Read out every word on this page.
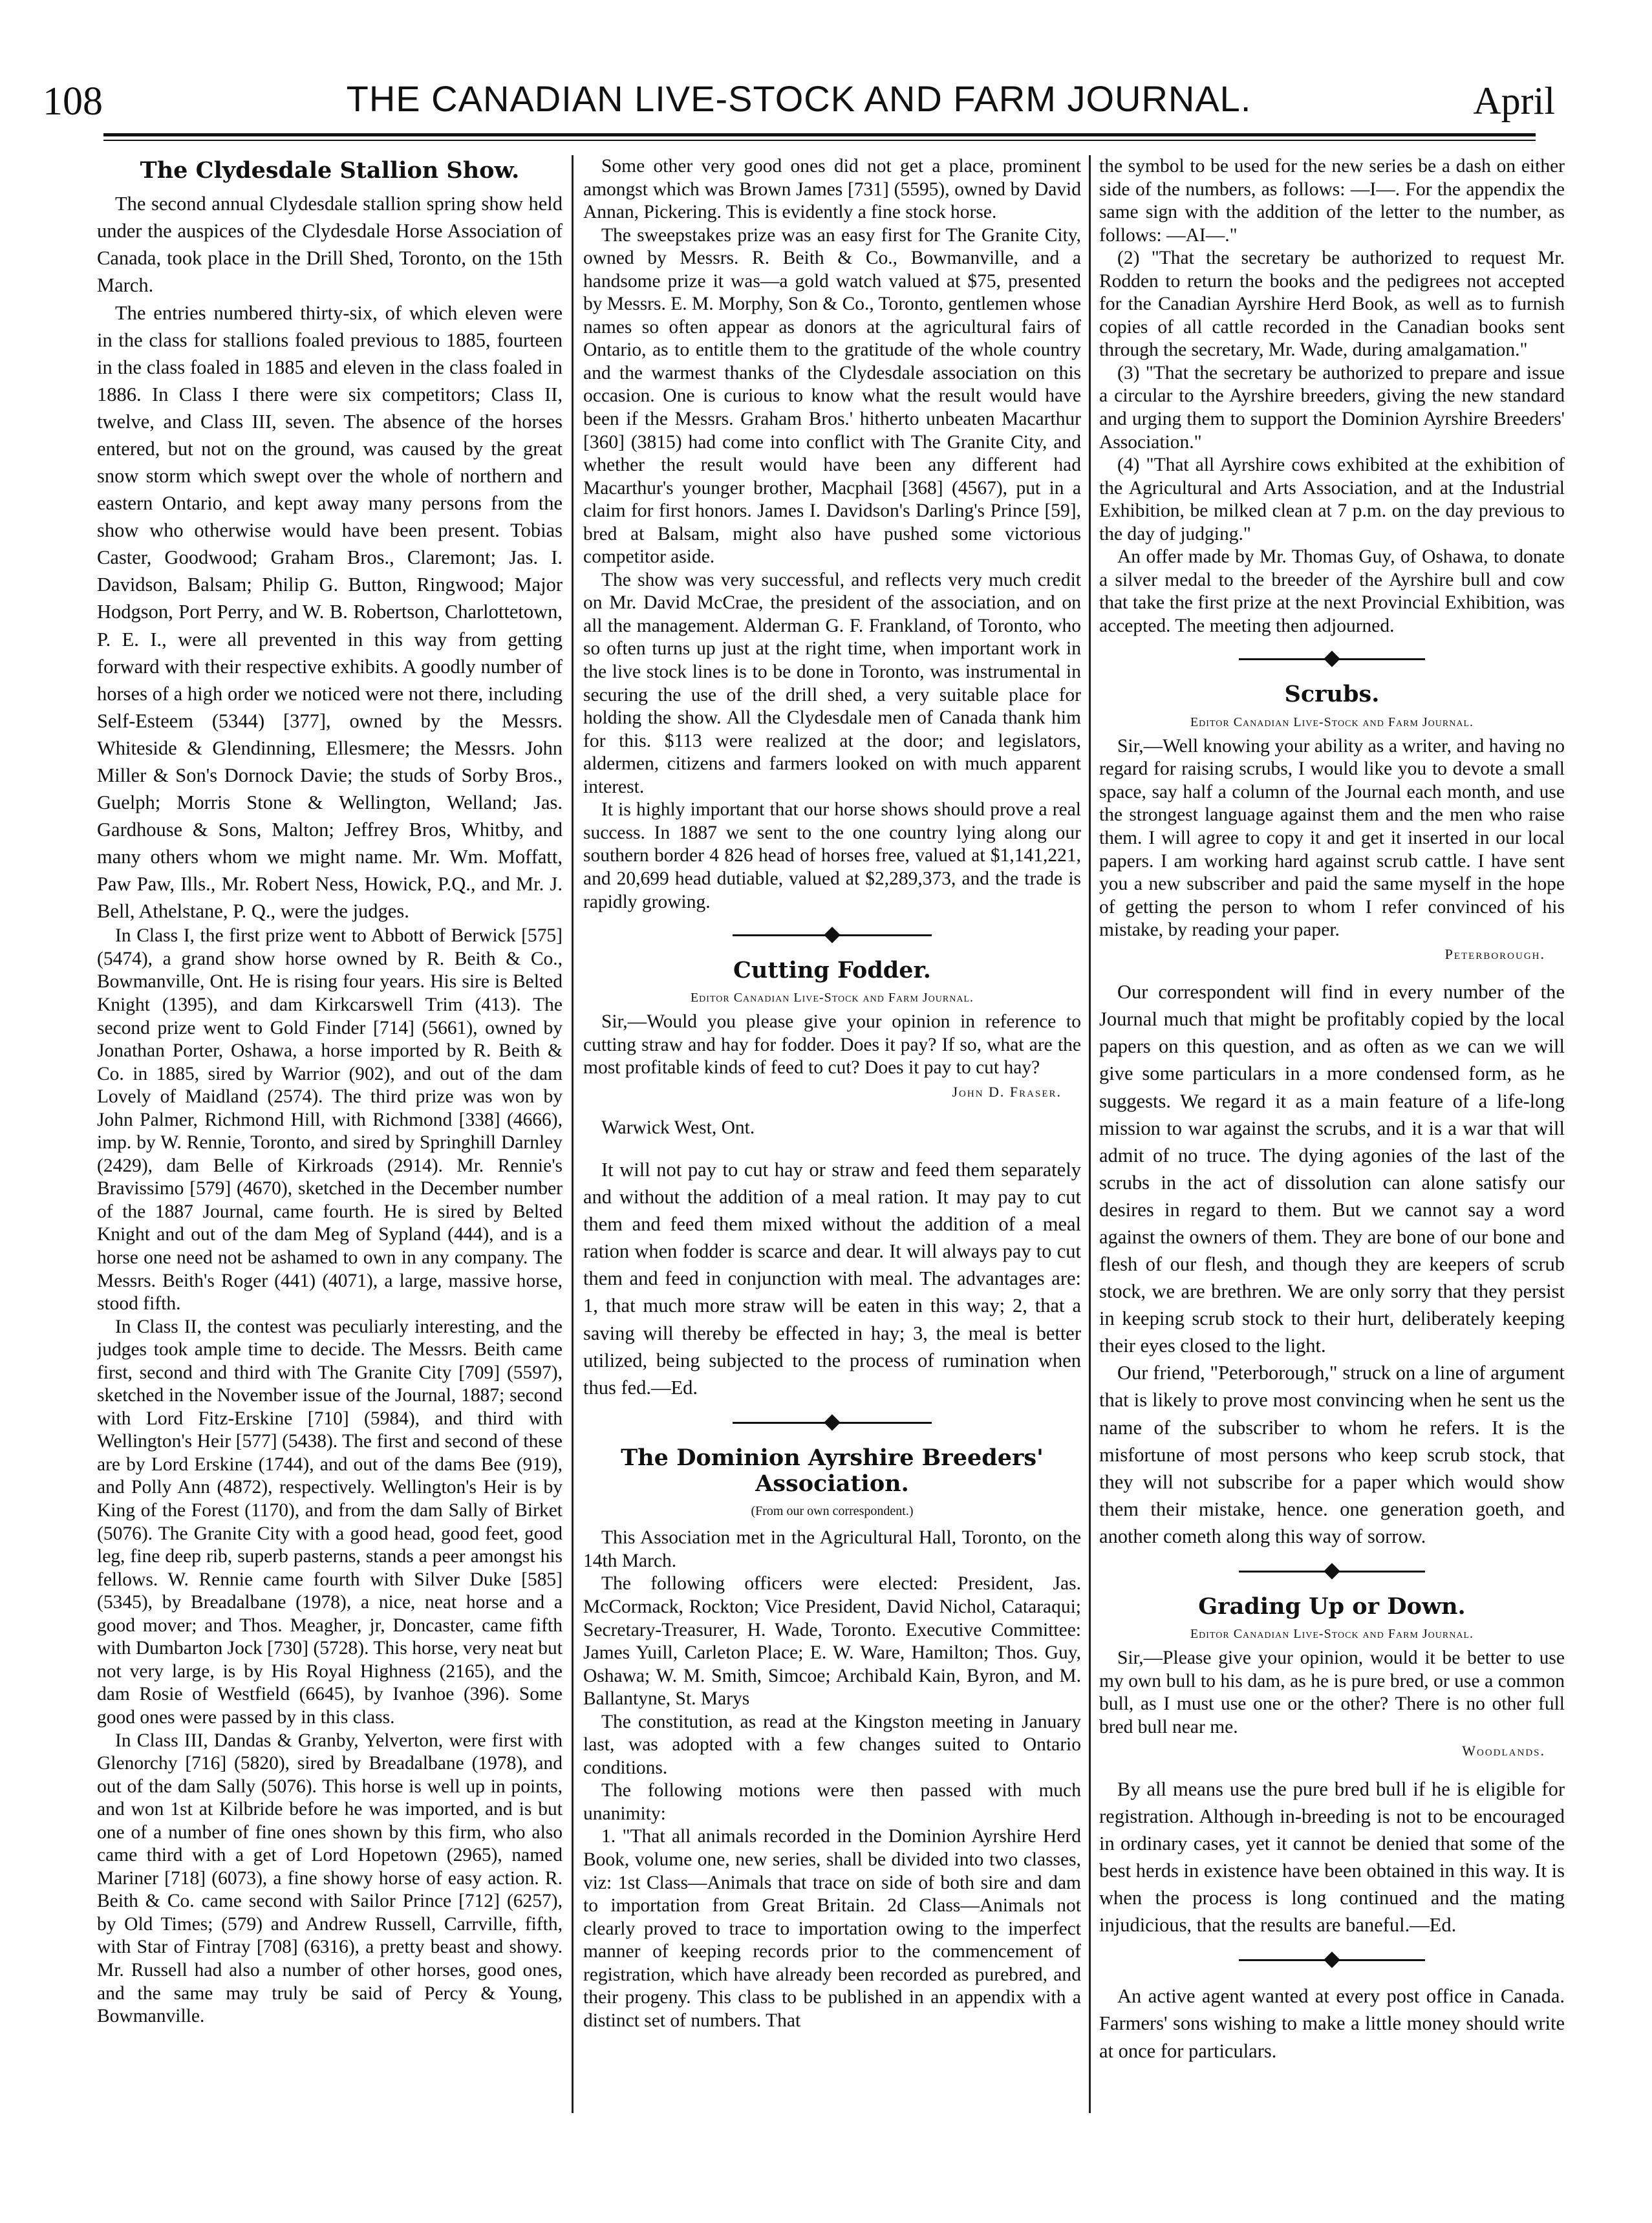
108	THE CANADIAN LIVE-STOCK AND FARM JOURNAL.	April
The Clydesdale Stallion Show.

The second annual Clydesdale stallion spring show held under the auspices of the Clydesdale Horse Association of Canada, took place in the Drill Shed, Toronto, on the 15th March.

The entries numbered thirty-six, of which eleven were in the class for stallions foaled previous to 1885, fourteen in the class foaled in 1885 and eleven in the class foaled in 1886. In Class I there were six competitors; Class II, twelve, and Class III, seven. The absence of the horses entered, but not on the ground, was caused by the great snow storm which swept over the whole of northern and eastern Ontario, and kept away many persons from the show who otherwise would have been present. Tobias Caster, Goodwood; Graham Bros., Claremont; Jas. I. Davidson, Balsam; Philip G. Button, Ringwood; Major Hodgson, Port Perry, and W. B. Robertson, Charlottetown, P. E. I., were all prevented in this way from getting forward with their respective exhibits. A goodly number of horses of a high order we noticed were not there, including Self-Esteem (5344) [377], owned by the Messrs. Whiteside & Glendinning, Ellesmere; the Messrs. John Miller & Son's Dornock Davie; the studs of Sorby Bros., Guelph; Morris Stone & Wellington, Welland; Jas. Gardhouse & Sons, Malton; Jeffrey Bros, Whitby, and many others whom we might name. Mr. Wm. Moffatt, Paw Paw, Ills., Mr. Robert Ness, Howick, P.Q., and Mr. J. Bell, Athelstane, P. Q., were the judges.

In Class I, the first prize went to Abbott of Berwick [575] (5474), a grand show horse owned by R. Beith & Co., Bowmanville, Ont. He is rising four years. His sire is Belted Knight (1395), and dam Kirkcarswell Trim (413). The second prize went to Gold Finder [714] (5661), owned by Jonathan Porter, Oshawa, a horse imported by R. Beith & Co. in 1885, sired by Warrior (902), and out of the dam Lovely of Maidland (2574). The third prize was won by John Palmer, Richmond Hill, with Richmond [338] (4666), imp. by W. Rennie, Toronto, and sired by Springhill Darnley (2429), dam Belle of Kirkroads (2914). Mr. Rennie's Bravissimo [579] (4670), sketched in the December number of the 1887 Journal, came fourth. He is sired by Belted Knight and out of the dam Meg of Sypland (444), and is a horse one need not be ashamed to own in any company. The Messrs. Beith's Roger (441) (4071), a large, massive horse, stood fifth.

In Class II, the contest was peculiarly interesting, and the judges took ample time to decide. The Messrs. Beith came first, second and third with The Granite City [709] (5597), sketched in the November issue of the Journal, 1887; second with Lord Fitz-Erskine [710] (5984), and third with Wellington's Heir [577] (5438). The first and second of these are by Lord Erskine (1744), and out of the dams Bee (919), and Polly Ann (4872), respectively. Wellington's Heir is by King of the Forest (1170), and from the dam Sally of Birket (5076). The Granite City with a good head, good feet, good leg, fine deep rib, superb pasterns, stands a peer amongst his fellows. W. Rennie came fourth with Silver Duke [585] (5345), by Breadalbane (1978), a nice, neat horse and a good mover; and Thos. Meagher, jr, Doncaster, came fifth with Dumbarton Jock [730] (5728). This horse, very neat but not very large, is by His Royal Highness (2165), and the dam Rosie of Westfield (6645), by Ivanhoe (396). Some good ones were passed by in this class.

In Class III, Dandas & Granby, Yelverton, were first with Glenorchy [716] (5820), sired by Breadalbane (1978), and out of the dam Sally (5076). This horse is well up in points, and won 1st at Kilbride before he was imported, and is but one of a number of fine ones shown by this firm, who also came third with a get of Lord Hopetown (2965), named Mariner [718] (6073), a fine showy horse of easy action. R. Beith & Co. came second with Sailor Prince [712] (6257), by Old Times; (579) and Andrew Russell, Carrville, fifth, with Star of Fintray [708] (6316), a pretty beast and showy. Mr. Russell had also a number of other horses, good ones, and the same may truly be said of Percy & Young, Bowmanville.

Some other very good ones did not get a place, prominent amongst which was Brown James [731] (5595), owned by David Annan, Pickering. This is evidently a fine stock horse.

The sweepstakes prize was an easy first for The Granite City, owned by Messrs. R. Beith & Co., Bowmanville, and a handsome prize it was—a gold watch valued at $75, presented by Messrs. E. M. Morphy, Son & Co., Toronto, gentlemen whose names so often appear as donors at the agricultural fairs of Ontario, as to entitle them to the gratitude of the whole country and the warmest thanks of the Clydesdale association on this occasion. One is curious to know what the result would have been if the Messrs. Graham Bros.' hitherto unbeaten Macarthur [360] (3815) had come into conflict with The Granite City, and whether the result would have been any different had Macarthur's younger brother, Macphail [368] (4567), put in a claim for first honors. James I. Davidson's Darling's Prince [59], bred at Balsam, might also have pushed some victorious competitor aside.

The show was very successful, and reflects very much credit on Mr. David McCrae, the president of the association, and on all the management. Alderman G. F. Frankland, of Toronto, who so often turns up just at the right time, when important work in the live stock lines is to be done in Toronto, was instrumental in securing the use of the drill shed, a very suitable place for holding the show. All the Clydesdale men of Canada thank him for this. $113 were realized at the door; and legislators, aldermen, citizens and farmers looked on with much apparent interest.

It is highly important that our horse shows should prove a real success. In 1887 we sent to the one country lying along our southern border 4 826 head of horses free, valued at $1,141,221, and 20,699 head dutiable, valued at $2,289,373, and the trade is rapidly growing.

Cutting Fodder.
Editor Canadian Live-Stock and Farm Journal.

Sir,—Would you please give your opinion in reference to cutting straw and hay for fodder. Does it pay? If so, what are the most profitable kinds of feed to cut? Does it pay to cut hay?

John D. Fraser.

Warwick West, Ont.

It will not pay to cut hay or straw and feed them separately and without the addition of a meal ration. It may pay to cut them and feed them mixed without the addition of a meal ration when fodder is scarce and dear. It will always pay to cut them and feed in conjunction with meal. The advantages are: 1, that much more straw will be eaten in this way; 2, that a saving will thereby be effected in hay; 3, the meal is better utilized, being subjected to the process of rumination when thus fed.—Ed.

The Dominion Ayrshire Breeders' Association.
(From our own correspondent.)

This Association met in the Agricultural Hall, Toronto, on the 14th March.

The following officers were elected: President, Jas. McCormack, Rockton; Vice President, David Nichol, Cataraqui; Secretary-Treasurer, H. Wade, Toronto. Executive Committee: James Yuill, Carleton Place; E. W. Ware, Hamilton; Thos. Guy, Oshawa; W. M. Smith, Simcoe; Archibald Kain, Byron, and M. Ballantyne, St. Marys

The constitution, as read at the Kingston meeting in January last, was adopted with a few changes suited to Ontario conditions.

The following motions were then passed with much unanimity:

1. "That all animals recorded in the Dominion Ayrshire Herd Book, volume one, new series, shall be divided into two classes, viz: 1st Class—Animals that trace on side of both sire and dam to importation from Great Britain. 2d Class—Animals not clearly proved to trace to importation owing to the imperfect manner of keeping records prior to the commencement of registration, which have already been recorded as purebred, and their progeny. This class to be published in an appendix with a distinct set of numbers. That

the symbol to be used for the new series be a dash on either side of the numbers, as follows: —I—. For the appendix the same sign with the addition of the letter to the number, as follows: —AI—."

(2) "That the secretary be authorized to request Mr. Rodden to return the books and the pedigrees not accepted for the Canadian Ayrshire Herd Book, as well as to furnish copies of all cattle recorded in the Canadian books sent through the secretary, Mr. Wade, during amalgamation."

(3) "That the secretary be authorized to prepare and issue a circular to the Ayrshire breeders, giving the new standard and urging them to support the Dominion Ayrshire Breeders' Association."

(4) "That all Ayrshire cows exhibited at the exhibition of the Agricultural and Arts Association, and at the Industrial Exhibition, be milked clean at 7 p.m. on the day previous to the day of judging."

An offer made by Mr. Thomas Guy, of Oshawa, to donate a silver medal to the breeder of the Ayrshire bull and cow that take the first prize at the next Provincial Exhibition, was accepted. The meeting then adjourned.

Scrubs.
Editor Canadian Live-Stock and Farm Journal.

Sir,—Well knowing your ability as a writer, and having no regard for raising scrubs, I would like you to devote a small space, say half a column of the Journal each month, and use the strongest language against them and the men who raise them. I will agree to copy it and get it inserted in our local papers. I am working hard against scrub cattle. I have sent you a new subscriber and paid the same myself in the hope of getting the person to whom I refer convinced of his mistake, by reading your paper.

Peterborough.

Our correspondent will find in every number of the Journal much that might be profitably copied by the local papers on this question, and as often as we can we will give some particulars in a more condensed form, as he suggests. We regard it as a main feature of a life-long mission to war against the scrubs, and it is a war that will admit of no truce. The dying agonies of the last of the scrubs in the act of dissolution can alone satisfy our desires in regard to them. But we cannot say a word against the owners of them. They are bone of our bone and flesh of our flesh, and though they are keepers of scrub stock, we are brethren. We are only sorry that they persist in keeping scrub stock to their hurt, deliberately keeping their eyes closed to the light.

Our friend, "Peterborough," struck on a line of argument that is likely to prove most convincing when he sent us the name of the subscriber to whom he refers. It is the misfortune of most persons who keep scrub stock, that they will not subscribe for a paper which would show them their mistake, hence. one generation goeth, and another cometh along this way of sorrow.

Grading Up or Down.
Editor Canadian Live-Stock and Farm Journal.

Sir,—Please give your opinion, would it be better to use my own bull to his dam, as he is pure bred, or use a common bull, as I must use one or the other? There is no other full bred bull near me.

Woodlands.

By all means use the pure bred bull if he is eligible for registration. Although in-breeding is not to be encouraged in ordinary cases, yet it cannot be denied that some of the best herds in existence have been obtained in this way. It is when the process is long continued and the mating injudicious, that the results are baneful.—Ed.

An active agent wanted at every post office in Canada. Farmers' sons wishing to make a little money should write at once for particulars.
